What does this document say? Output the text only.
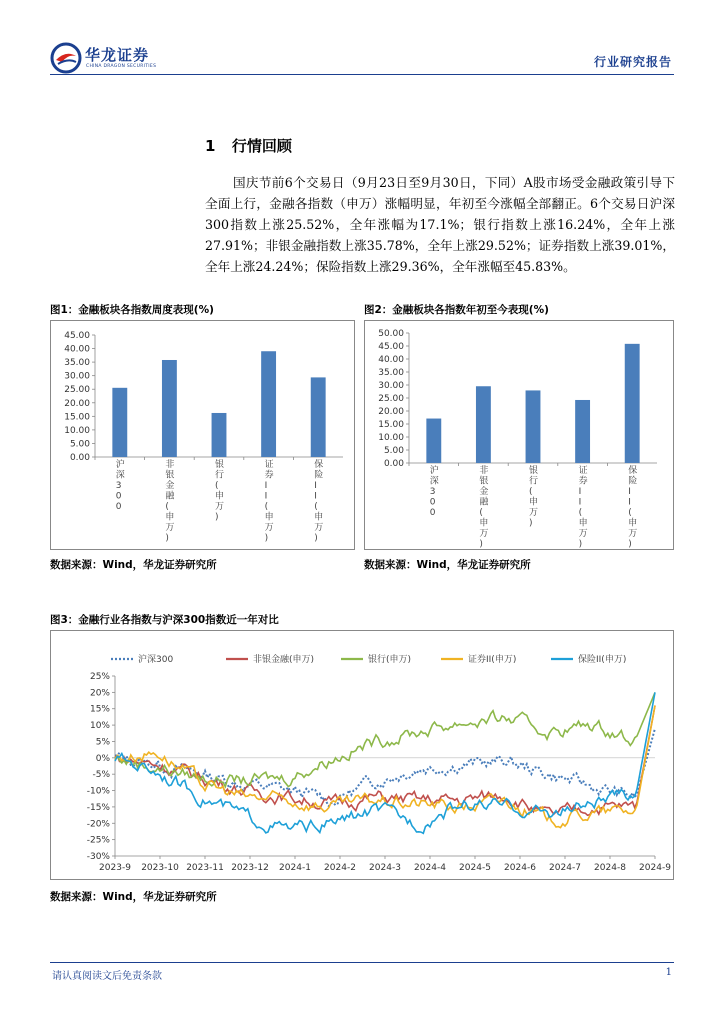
华龙证券
CHINA DRAGON SECURITIES	行业研究报告
1 行情回顾
国庆节前6个交易日（9月23日至9月30日，下同）A股市场受金融政策引导下全面上行，金融各指数（申万）涨幅明显，年初至今涨幅全部翻正。6个交易日沪深300指数上涨25.52%，全年涨幅为17.1%；银行指数上涨16.24%，全年上涨27.91%；非银金融指数上涨35.78%，全年上涨29.52%；证券指数上涨39.01%，全年上涨24.24%；保险指数上涨29.36%，全年涨幅至45.83%。
图1：金融板块各指数周度表现(%)	图2：金融板块各指数年初至今表现(%)
0.00
5.00
10.00
15.00
20.00
25.00
30.00
35.00
40.00
45.00
沪深 3 0 0
非银金融(申万)
银行(申万)
证券 I I (申万)
保险 I I (申万)
0.00
5.00
10.00
15.00
20.00
25.00
30.00
35.00
40.00
45.00
50.00
沪深 3 0 0
非银金融(申万)
银行(申万)
证券 I I (申万)
保险 I I (申万)
数据来源：Wind，华龙证券研究所	数据来源：Wind，华龙证券研究所
图3：金融行业各指数与沪深300指数近一年对比
25%
20%
15%
10%
5%
0%
-5%
-10%
-15%
-20%
-25%
-30%
2023-9 2023-10 2023-11 2023-12 2024-1 2024-2 2024-3 2024-4 2024-5 2024-6 2024-7 2024-8 2024-9
沪深300	非银金融(申万)	银行(申万)	证券II(申万)	保险II(申万)
数据来源：Wind，华龙证券研究所
请认真阅读文后免责条款	1
